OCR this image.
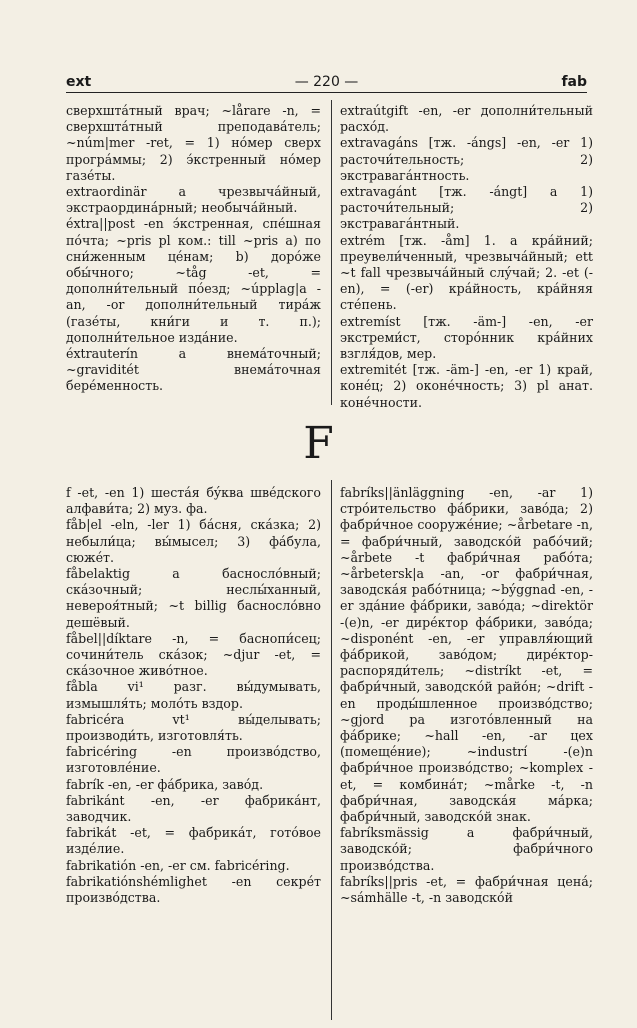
ext	— 220 —	fab

сверхштáтный врач; ~lårare -n, = сверхштáтный преподавáтель; ~núm|mer -ret, = 1) нóмер сверх прогрáммы; 2) э́кстренный нóмер газéты.

extraordinär а чрезвычáйный, экстраординáрный; необычáйный.

éxtra||post -en э́кстренная, спéшная пóчта; ~pris pl ком.: till ~pris а) по сни́женным цéнам; b) дорóже обы́чного; ~tåg -et, = дополни́тельный пóезд; ~úpplag|a -an, -or дополни́тельный тирáж (газéты, кни́ги и т. п.); дополни́тельное издáние.

éxtrauterín а внемáточный; ~graviditét внемáточная берéменность.

extraútgift -en, -er дополни́тельный расхóд.

extravagáns [тж. -ángs] -en, -er 1) расточи́тельность; 2) экстравагáнтность.

extravagánt [тж. -ángt] а 1) расточи́тельный; 2) экстравагáнтный.

extrém [тж. -åm] 1. а крáйний; преувели́ченный, чрезвычáйный; ett ~t fall чрезвычáйный слýчай; 2. -et (-en), = (-er) крáйность, крáйняя стéпень.

extremíst [тж. -äm-] -en, -er экстреми́ст, сторóнник крáйних взгля́дов, мер.

extremitét [тж. -äm-] -en, -er 1) край, конéц; 2) оконéчность; 3) pl анат. конéчности.

F

f -et, -en 1) шестáя бýква швéдского алфави́та; 2) муз. фа.

fåb|el -eln, -ler 1) бáсня, скáзка; 2) небыли́ца; вы́мысел; 3) фáбула, сюжéт.

fåbelaktig а басносло́вный; скáзочный; неслы́ханный, невероя́тный; ~t billig басносло́вно дешёвый.

fåbel||díktare -n, = баснопи́сец; сочини́тель скáзок; ~djur -et, = скáзочное живóтное.

fåbla vi¹ разг. вы́думывать, измышля́ть; молóть вздор.

fabricéra vt¹ вы́делывать; производи́ть, изготовля́ть.

fabricéring -en произвóдство, изготовлéние.

fabrík -en, -er фáбрика, завóд.

fabrikánt -en, -er фабрикáнт, заводчик.

fabrikát -et, = фабрикáт, готóвое издéлие.

fabrikatión -en, -er см. fabricéring.

fabrikatiónshémlighet -en секрéт произвóдства.

fabríks||änläggning -en, -ar 1) стрóительство фáбрики, завóда; 2) фабри́чное сооружéние; ~årbetare -n, = фабри́чный, заводскóй рабóчий; ~årbete -t фабри́чная рабóта; ~årbetersk|a -an, -or фабри́чная, заводскáя рабóтница; ~býggnad -en, -er здáние фáбрики, завóда; ~direktör -(e)n, -er дирéктор фáбрики, завóда; ~disponént -en, -er управля́ющий фáбрикой, завóдом; дирéктор-распоряди́тель; ~distríkt -et, = фабри́чный, заводскóй райóн; ~drift -en проды́шленное произвóдство; ~gjord pa изготóвленный на фáбрике; ~hall -en, -ar цех (помещéние); ~industrí -(e)n фабри́чное произвóдство; ~komplex -et, = комбинáт; ~mårke -t, -n фабри́чная, заводскáя мáрка; фабри́чный, заводскóй знак.

fabríksmässig а фабри́чный, заводскóй; фабри́чного произвóдства.

fabríks||pris -et, = фабри́чная ценá; ~sámhälle -t, -n заводскóй
